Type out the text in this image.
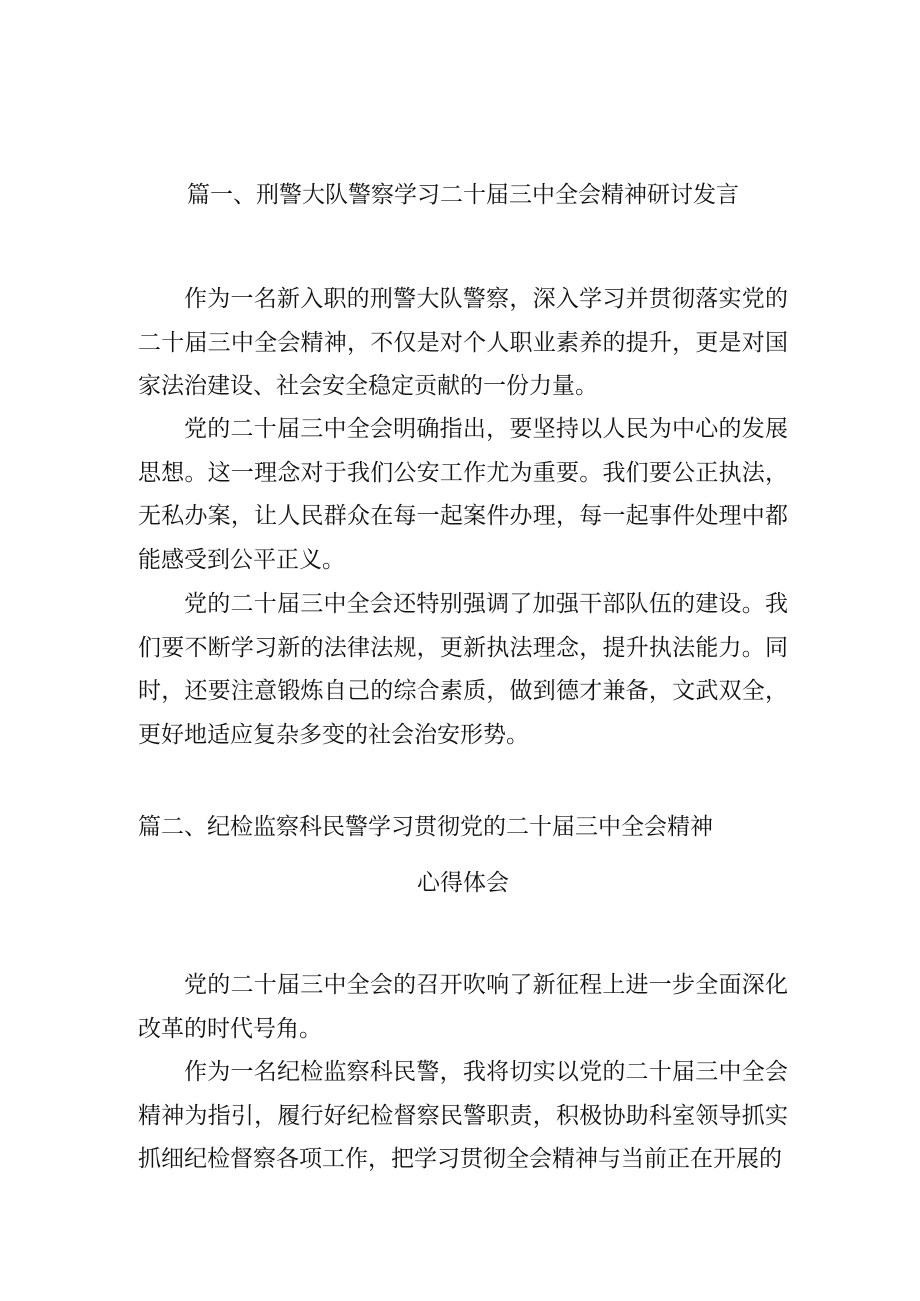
篇一、刑警大队警察学习二十届三中全会精神研讨发言

作为一名新入职的刑警大队警察，深入学习并贯彻落实党的二十届三中全会精神，不仅是对个人职业素养的提升，更是对国家法治建设、社会安全稳定贡献的一份力量。

党的二十届三中全会明确指出，要坚持以人民为中心的发展思想。这一理念对于我们公安工作尤为重要。我们要公正执法，无私办案，让人民群众在每一起案件办理，每一起事件处理中都能感受到公平正义。

党的二十届三中全会还特别强调了加强干部队伍的建设。我们要不断学习新的法律法规，更新执法理念，提升执法能力。同时，还要注意锻炼自己的综合素质，做到德才兼备，文武双全，更好地适应复杂多变的社会治安形势。

篇二、纪检监察科民警学习贯彻党的二十届三中全会精神
心得体会

党的二十届三中全会的召开吹响了新征程上进一步全面深化改革的时代号角。

作为一名纪检监察科民警，我将切实以党的二十届三中全会精神为指引，履行好纪检督察民警职责，积极协助科室领导抓实抓细纪检督察各项工作，把学习贯彻全会精神与当前正在开展的
